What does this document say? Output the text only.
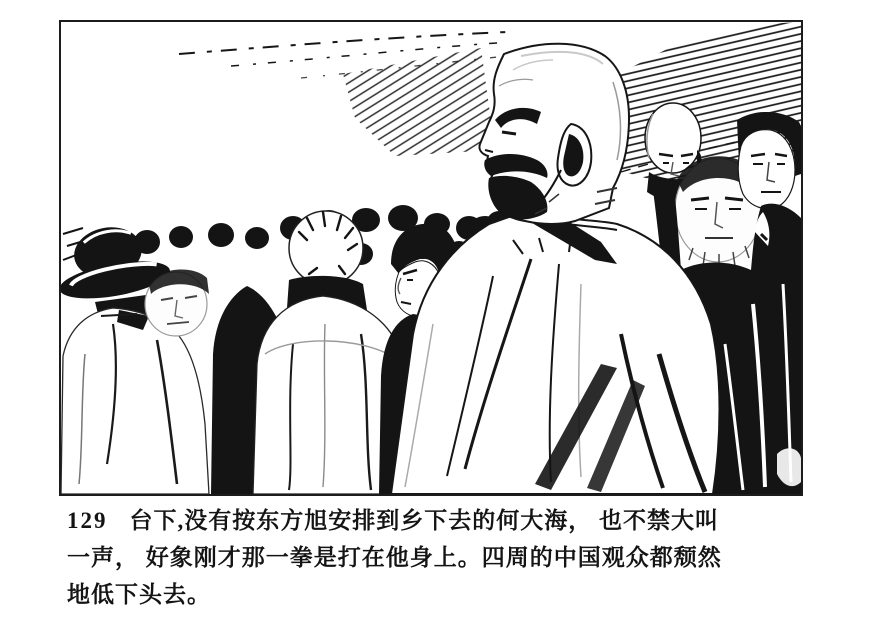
129 台下,没有按东方旭安排到乡下去的何大海， 也不禁大叫
一声， 好象刚才那一拳是打在他身上。四周的中国观众都颓然
地低下头去。
